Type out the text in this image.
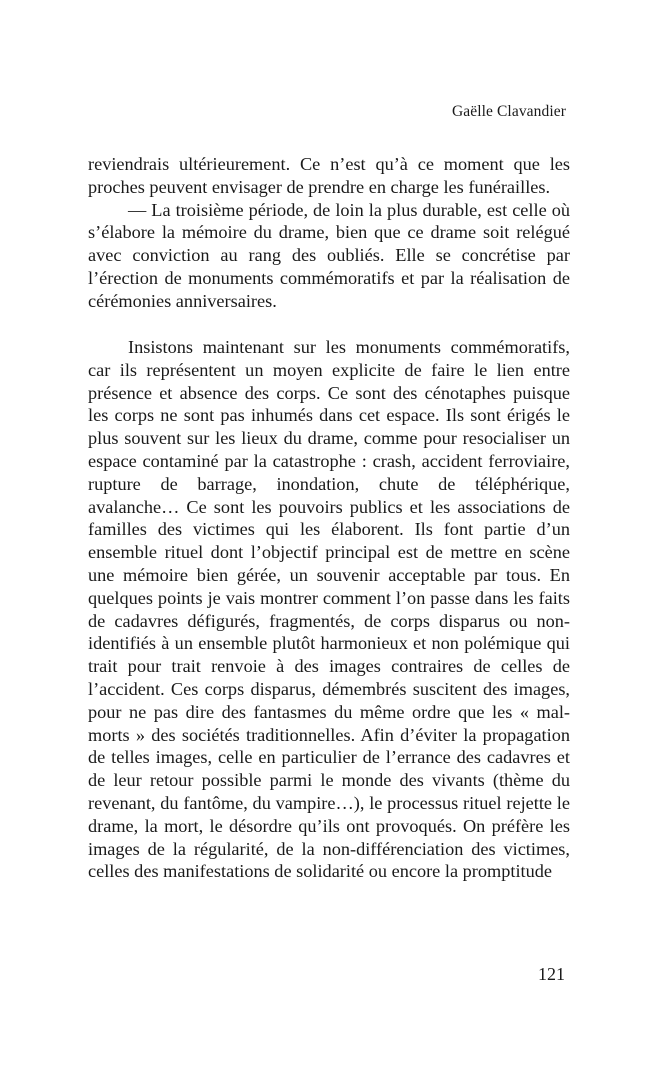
Gaëlle Clavandier

reviendrais ultérieurement. Ce n’est qu’à ce moment que les proches peuvent envisager de prendre en charge les funérailles.

— La troisième période, de loin la plus durable, est celle où s’élabore la mémoire du drame, bien que ce drame soit relégué avec conviction au rang des oubliés. Elle se concrétise par l’érection de monuments commémoratifs et par la réalisation de cérémonies anniversaires.

Insistons maintenant sur les monuments commémoratifs, car ils représentent un moyen explicite de faire le lien entre présence et absence des corps. Ce sont des cénotaphes puisque les corps ne sont pas inhumés dans cet espace. Ils sont érigés le plus souvent sur les lieux du drame, comme pour resocialiser un espace contaminé par la catastrophe : crash, accident ferroviaire, rupture de barrage, inondation, chute de téléphérique, avalanche… Ce sont les pouvoirs publics et les associations de familles des victimes qui les élaborent. Ils font partie d’un ensemble rituel dont l’objectif principal est de mettre en scène une mémoire bien gérée, un souvenir acceptable par tous. En quelques points je vais montrer comment l’on passe dans les faits de cadavres défigurés, fragmentés, de corps disparus ou non-identifiés à un ensemble plutôt harmonieux et non polémique qui trait pour trait renvoie à des images contraires de celles de l’accident. Ces corps disparus, démembrés suscitent des images, pour ne pas dire des fantasmes du même ordre que les « mal-morts » des sociétés traditionnelles. Afin d’éviter la propagation de telles images, celle en particulier de l’errance des cadavres et de leur retour possible parmi le monde des vivants (thème du revenant, du fantôme, du vampire…), le processus rituel rejette le drame, la mort, le désordre qu’ils ont provoqués. On préfère les images de la régularité, de la non-différenciation des victimes, celles des manifestations de solidarité ou encore la promptitude

121
